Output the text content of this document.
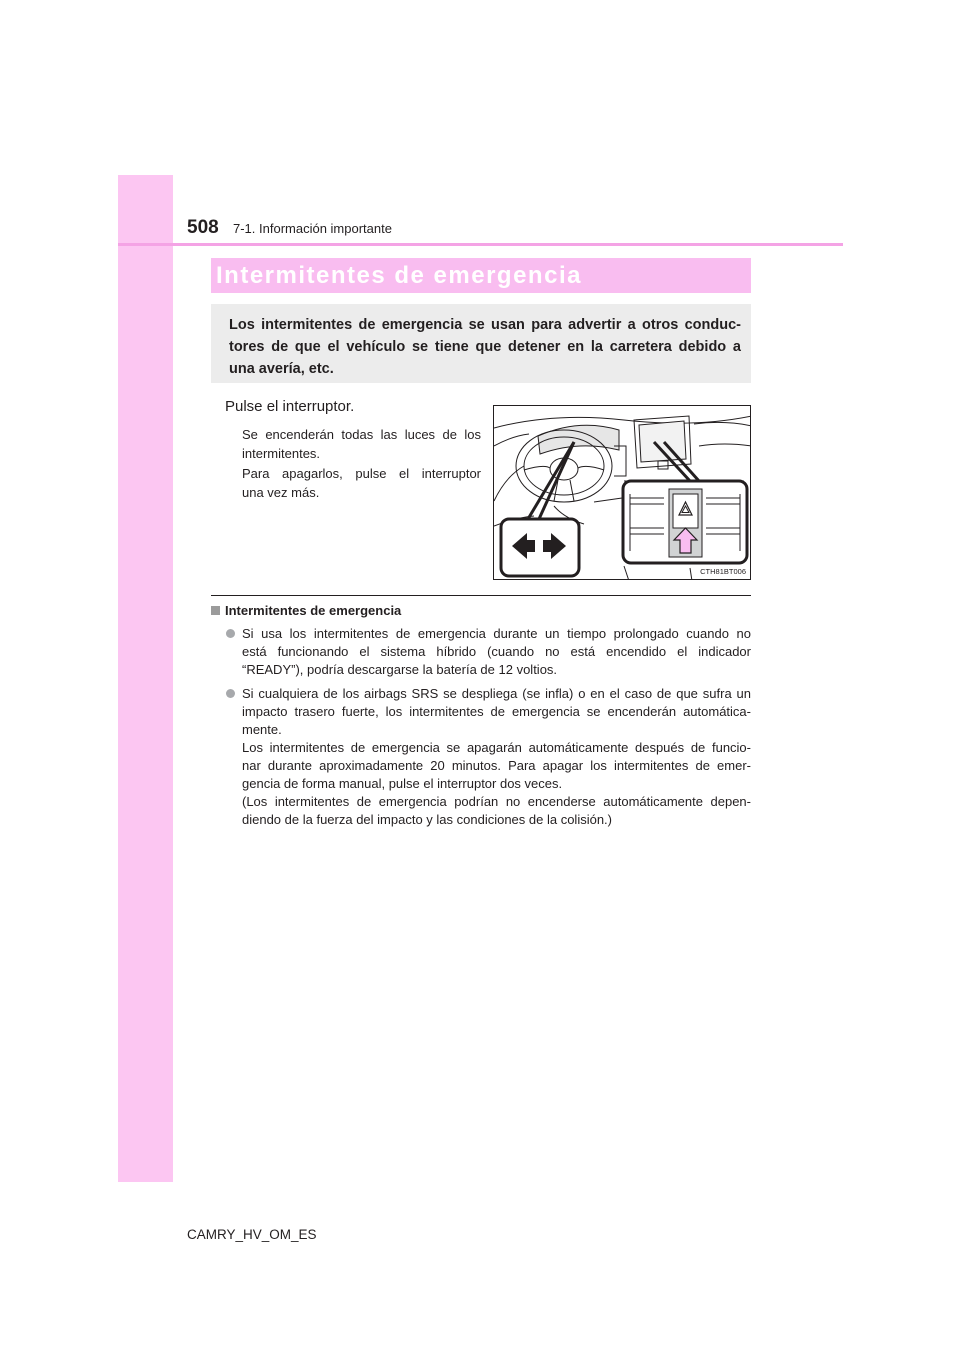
508 7-1. Información importante
Intermitentes de emergencia
Los intermitentes de emergencia se usan para advertir a otros conduc-
tores de que el vehículo se tiene que detener en la carretera debido a
una avería, etc.
Pulse el interruptor.
Se encenderán todas las luces de los
intermitentes.
Para apagarlos, pulse el interruptor
una vez más.
CTH81BT006
Intermitentes de emergencia
Si usa los intermitentes de emergencia durante un tiempo prolongado cuando no
está funcionando el sistema híbrido (cuando no está encendido el indicador
“READY”), podría descargarse la batería de 12 voltios.
Si cualquiera de los airbags SRS se despliega (se infla) o en el caso de que sufra un
impacto trasero fuerte, los intermitentes de emergencia se encenderán automática-
mente.
Los intermitentes de emergencia se apagarán automáticamente después de funcio-
nar durante aproximadamente 20 minutos. Para apagar los intermitentes de emer-
gencia de forma manual, pulse el interruptor dos veces.
(Los intermitentes de emergencia podrían no encenderse automáticamente depen-
diendo de la fuerza del impacto y las condiciones de la colisión.)
CAMRY_HV_OM_ES
